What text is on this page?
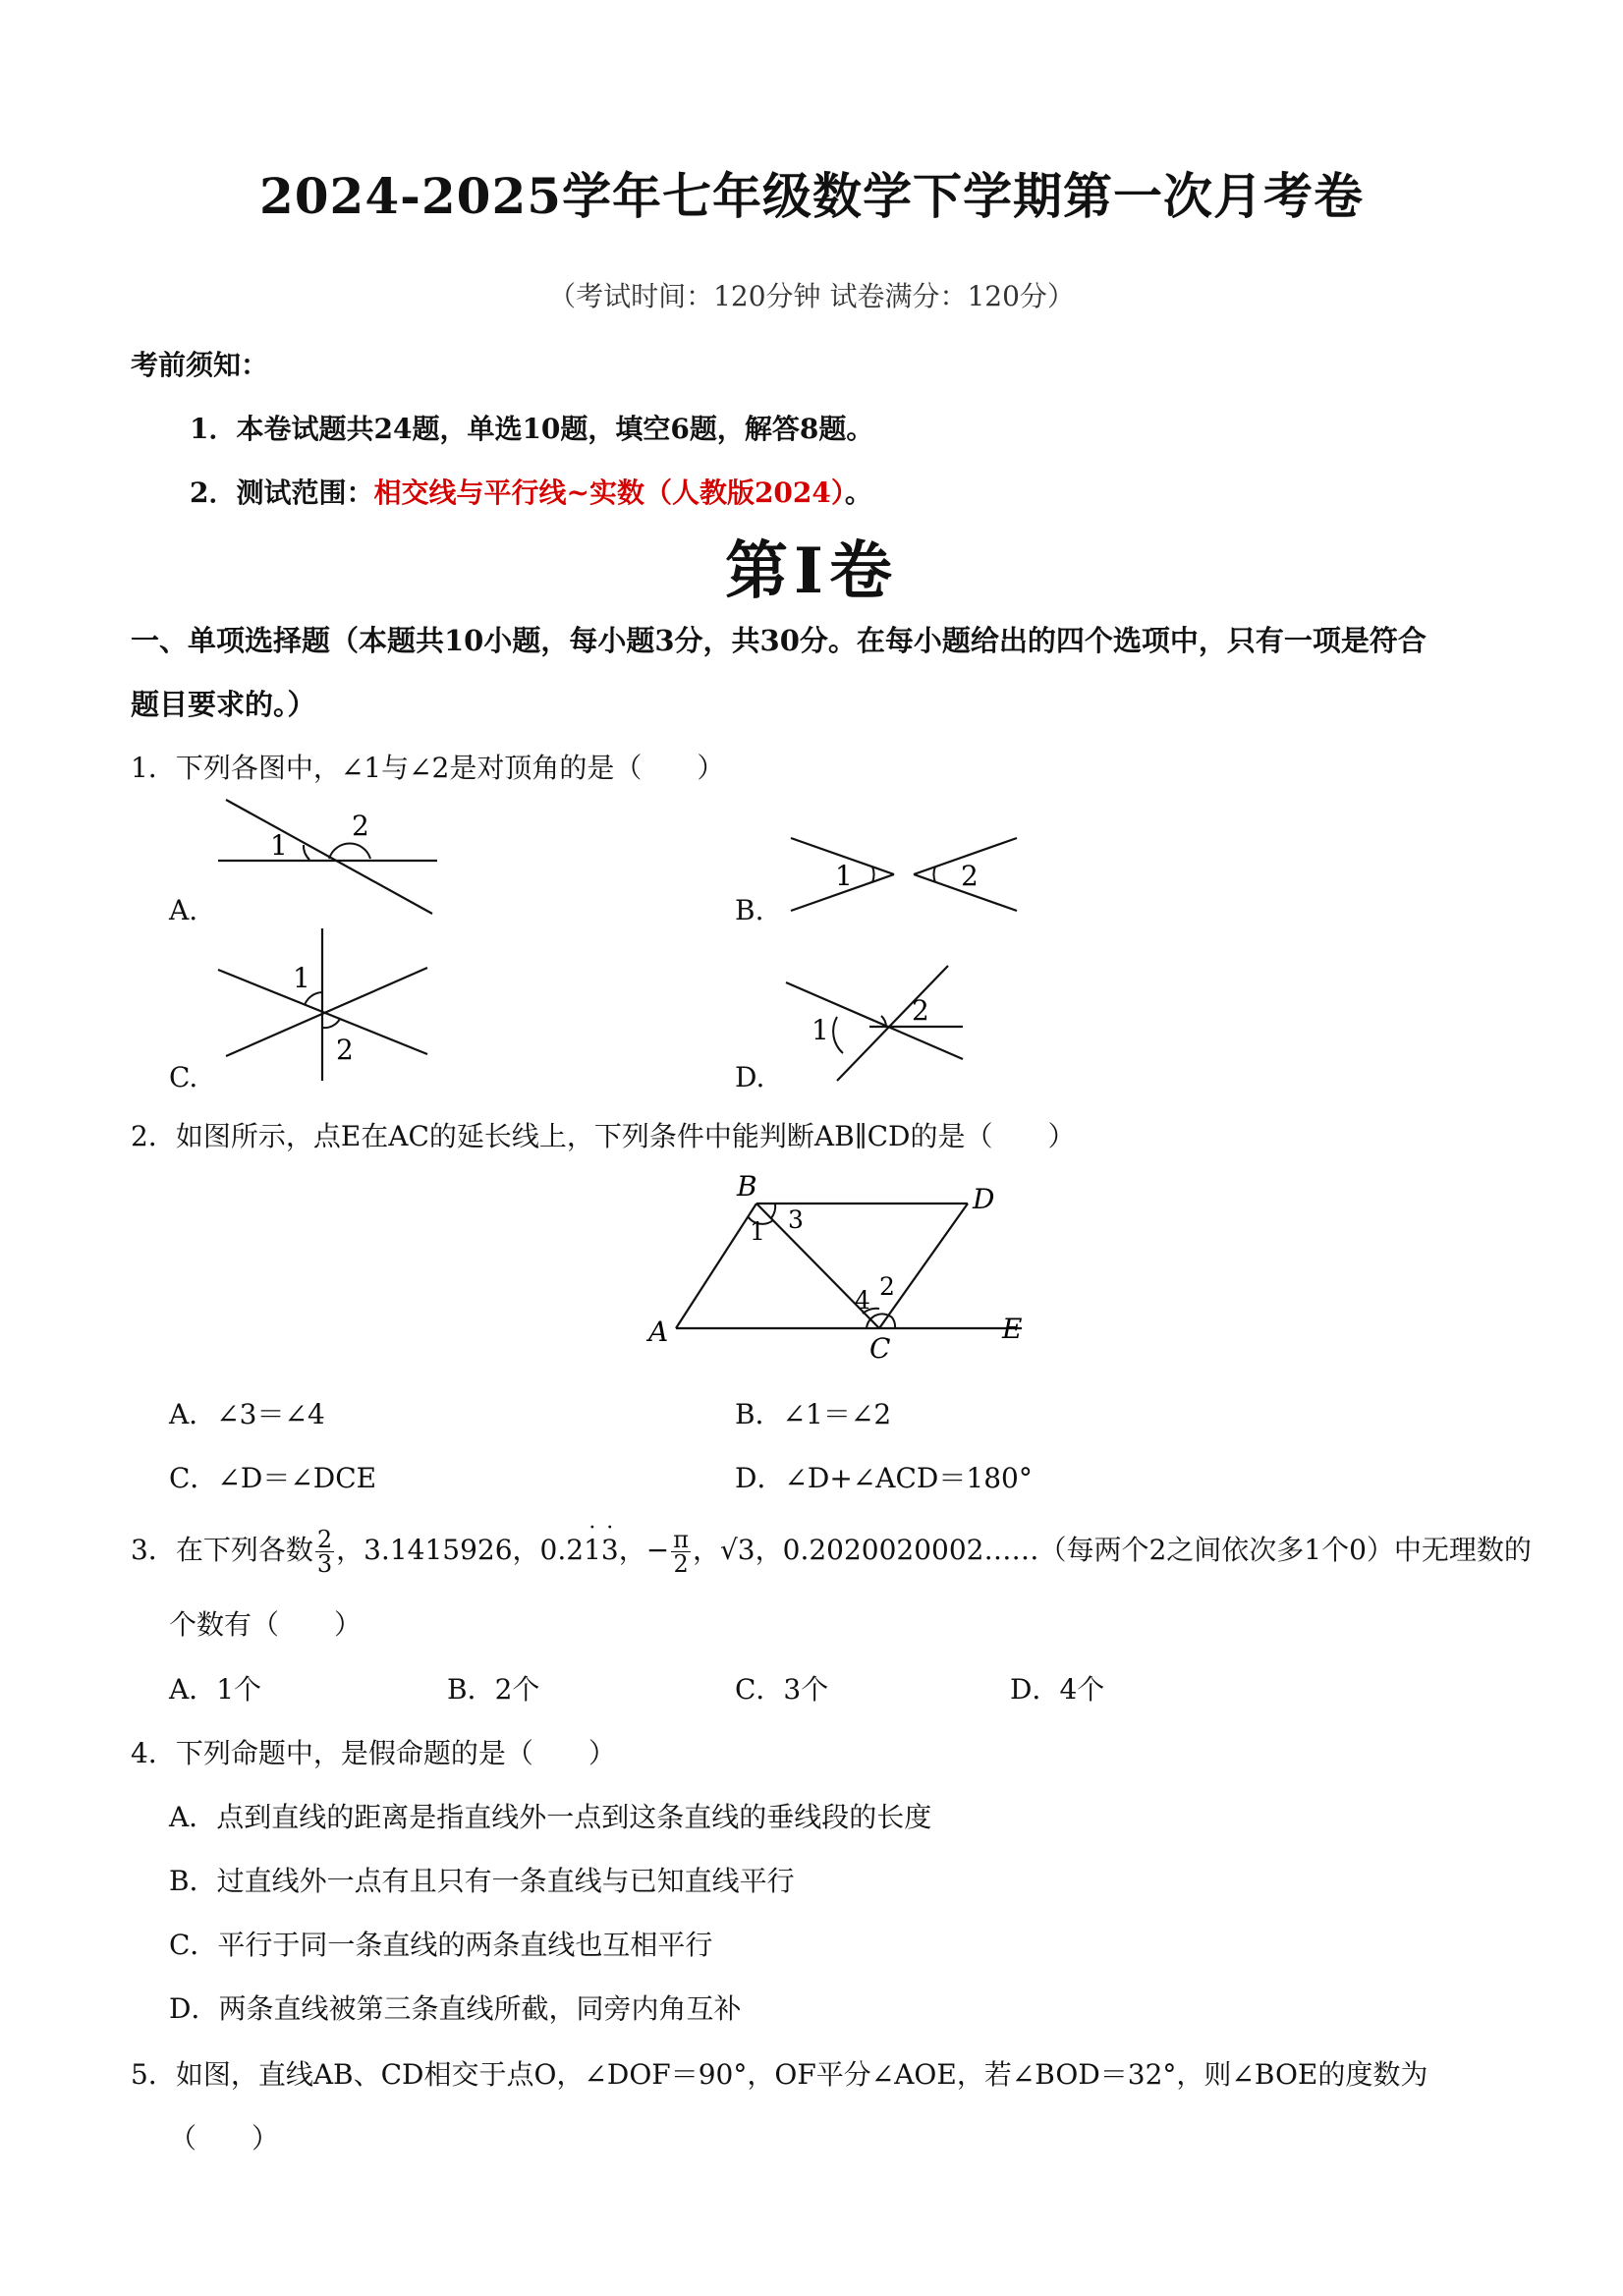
2024-2025学年七年级数学下学期第一次月考卷
（考试时间：120分钟 试卷满分：120分）
考前须知：
1．本卷试题共24题，单选10题，填空6题，解答8题。
2．测试范围：相交线与平行线~实数（人教版2024）。
第Ⅰ卷
一、单项选择题（本题共10小题，每小题3分，共30分。在每小题给出的四个选项中，只有一项是符合
题目要求的。）
1．下列各图中，∠1与∠2是对顶角的是（　　）
1
2
A.
1	2
B.
1
2
C.
1
2
D.
2．如图所示，点E在AC的延长线上，下列条件中能判断AB∥CD的是（　　）
B	D
A
C
E
1 3
4 2
A．∠3＝∠4	B．∠1＝∠2
C．∠D＝∠DCE	D．∠D+∠ACD＝180°
3．在下列各数 $\frac{2}{3}$ ，3.1415926，0.2· 1· 3，− $\frac{\pi}{2}$ ，√3，0.2020020002……（每两个2之间依次多1个0）中无理数的
个数有（　　）
A．1个	B．2个	C．3个	D．4个
4．下列命题中，是假命题的是（　　）
A．点到直线的距离是指直线外一点到这条直线的垂线段的长度
B．过直线外一点有且只有一条直线与已知直线平行
C．平行于同一条直线的两条直线也互相平行
D．两条直线被第三条直线所截，同旁内角互补
5．如图，直线AB、CD相交于点O，∠DOF＝90°，OF平分∠AOE，若∠BOD＝32°，则∠BOE的度数为
（　　）
